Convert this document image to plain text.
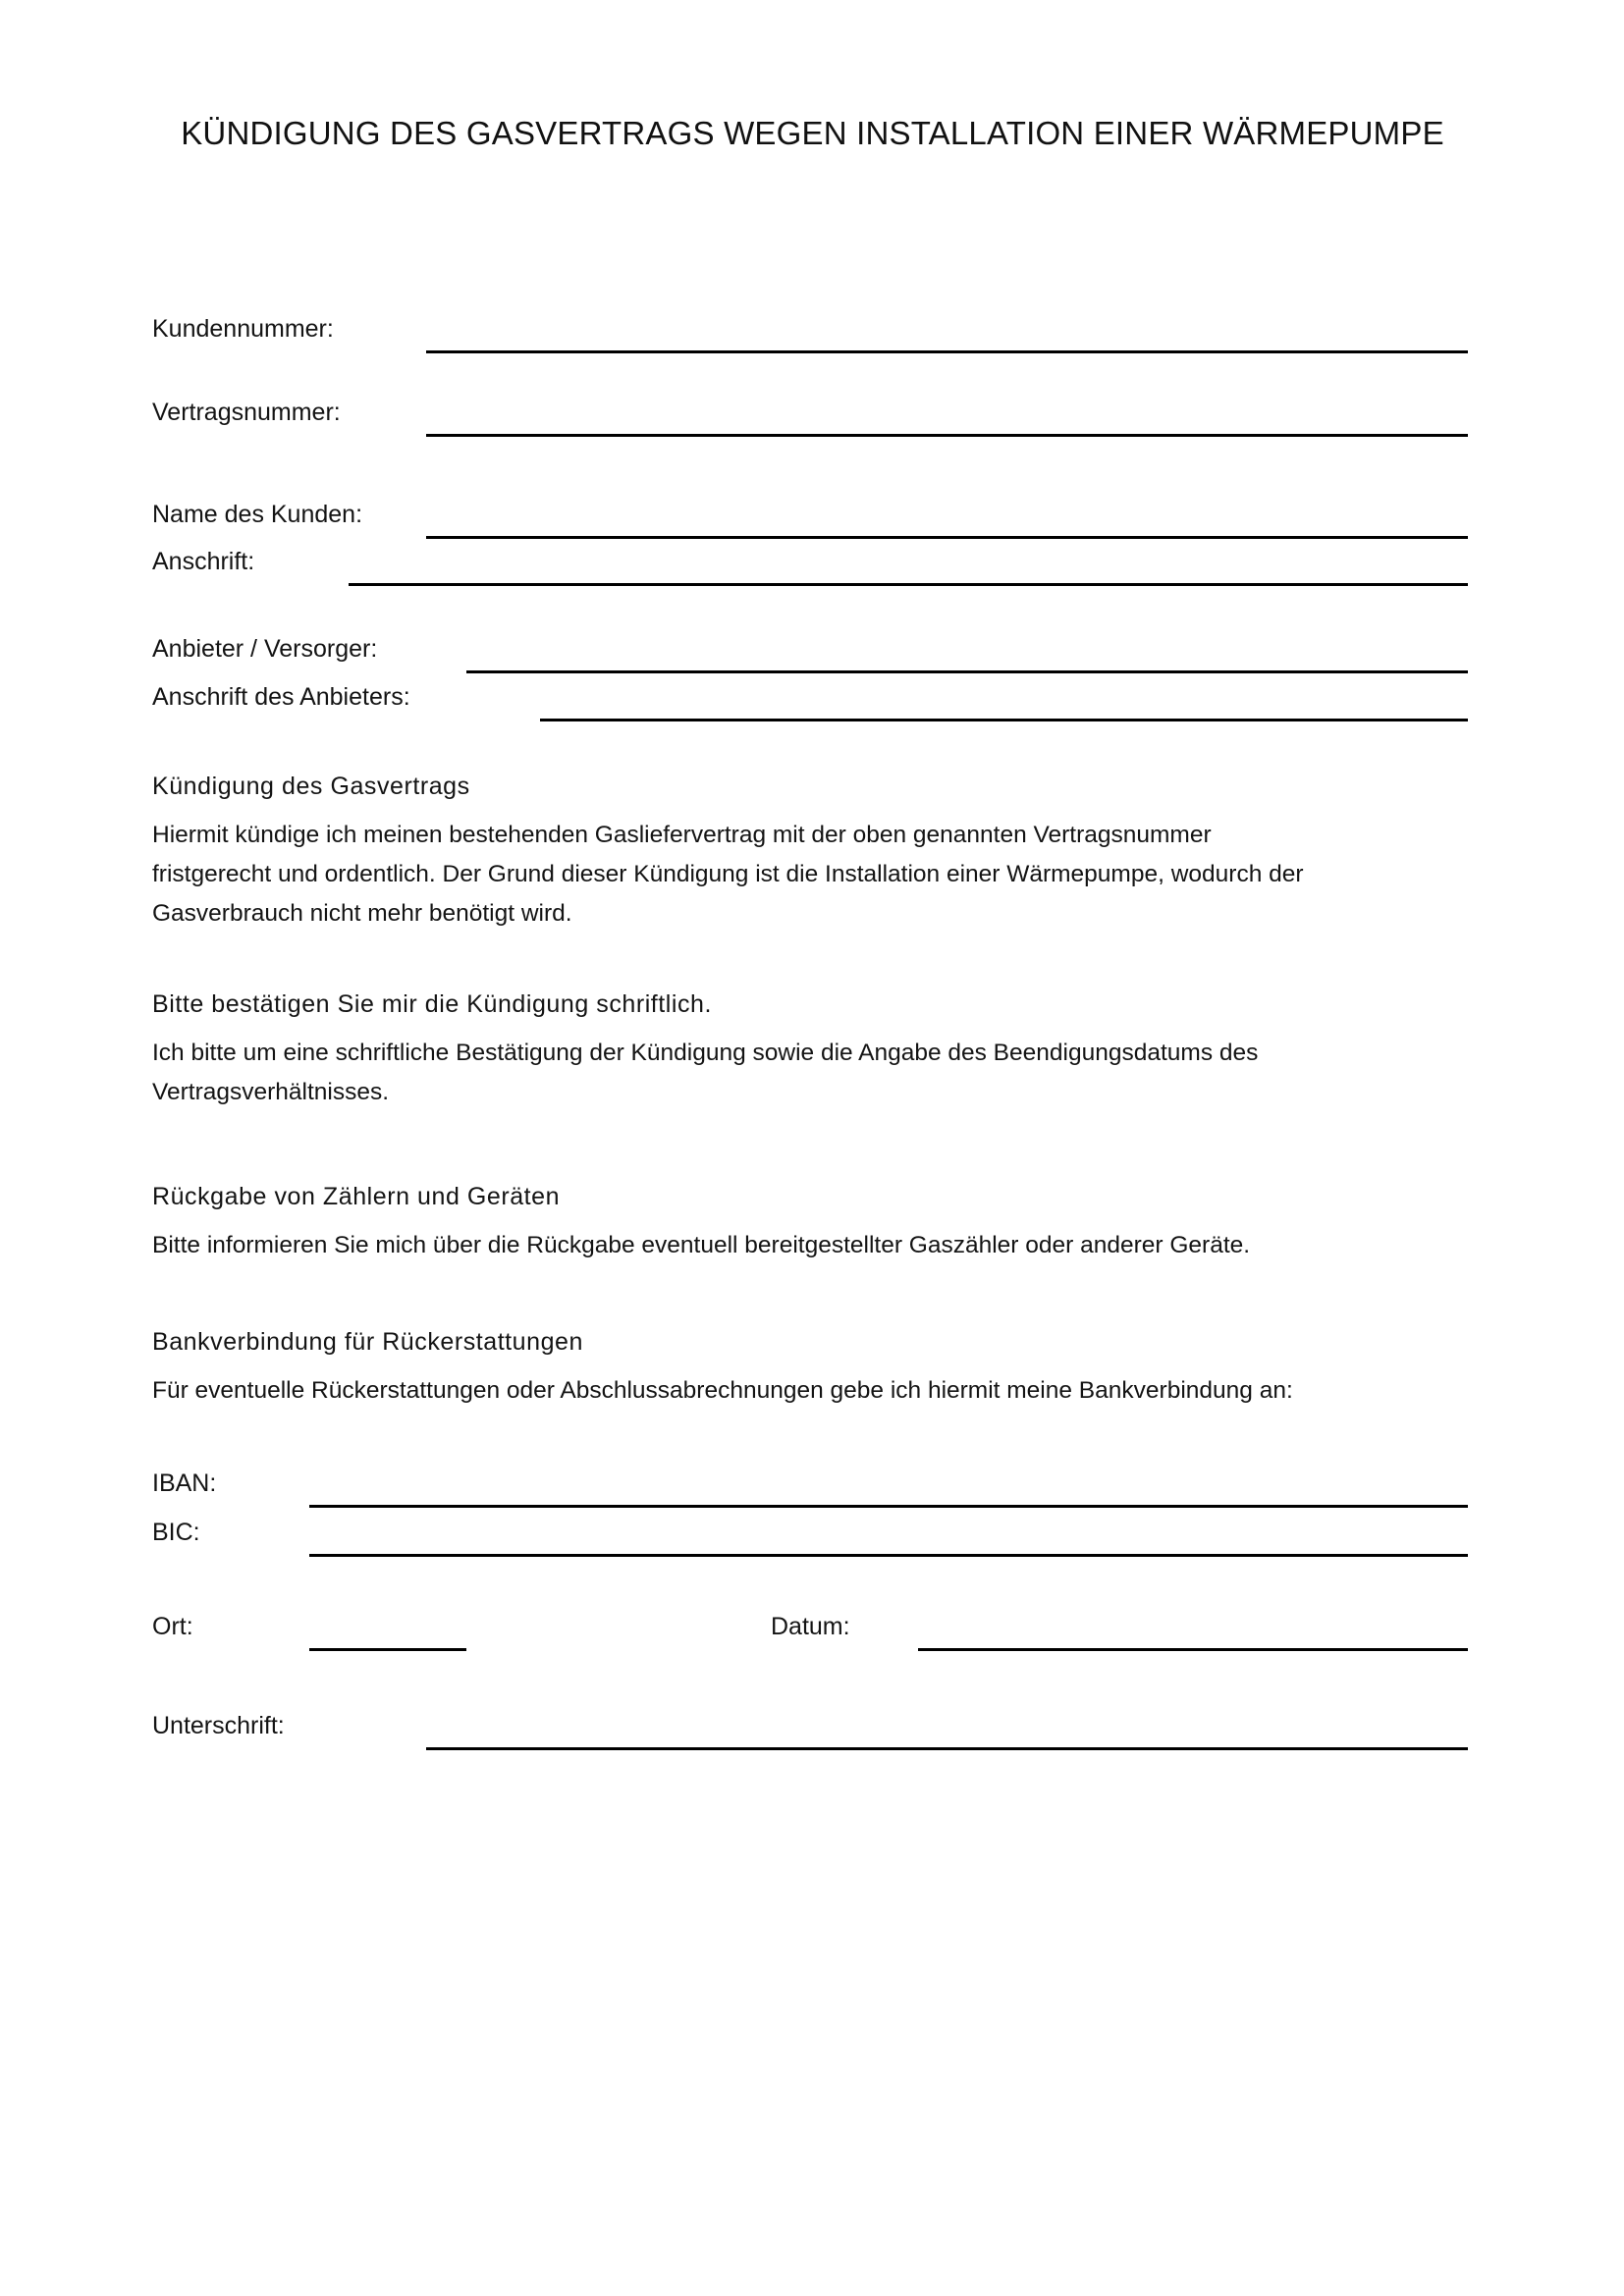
KÜNDIGUNG DES GASVERTRAGS WEGEN INSTALLATION EINER WÄRMEPUMPE
Kundennummer:
Vertragsnummer:
Name des Kunden:
Anschrift:
Anbieter / Versorger:
Anschrift des Anbieters:
Kündigung des Gasvertrags
Hiermit kündige ich meinen bestehenden Gasliefervertrag mit der oben genannten Vertragsnummer
fristgerecht und ordentlich. Der Grund dieser Kündigung ist die Installation einer Wärmepumpe, wodurch der
Gasverbrauch nicht mehr benötigt wird.
Bitte bestätigen Sie mir die Kündigung schriftlich.
Ich bitte um eine schriftliche Bestätigung der Kündigung sowie die Angabe des Beendigungsdatums des
Vertragsverhältnisses.
Rückgabe von Zählern und Geräten
Bitte informieren Sie mich über die Rückgabe eventuell bereitgestellter Gaszähler oder anderer Geräte.
Bankverbindung für Rückerstattungen
Für eventuelle Rückerstattungen oder Abschlussabrechnungen gebe ich hiermit meine Bankverbindung an:
IBAN:
BIC:
Ort:	Datum:
Unterschrift:
